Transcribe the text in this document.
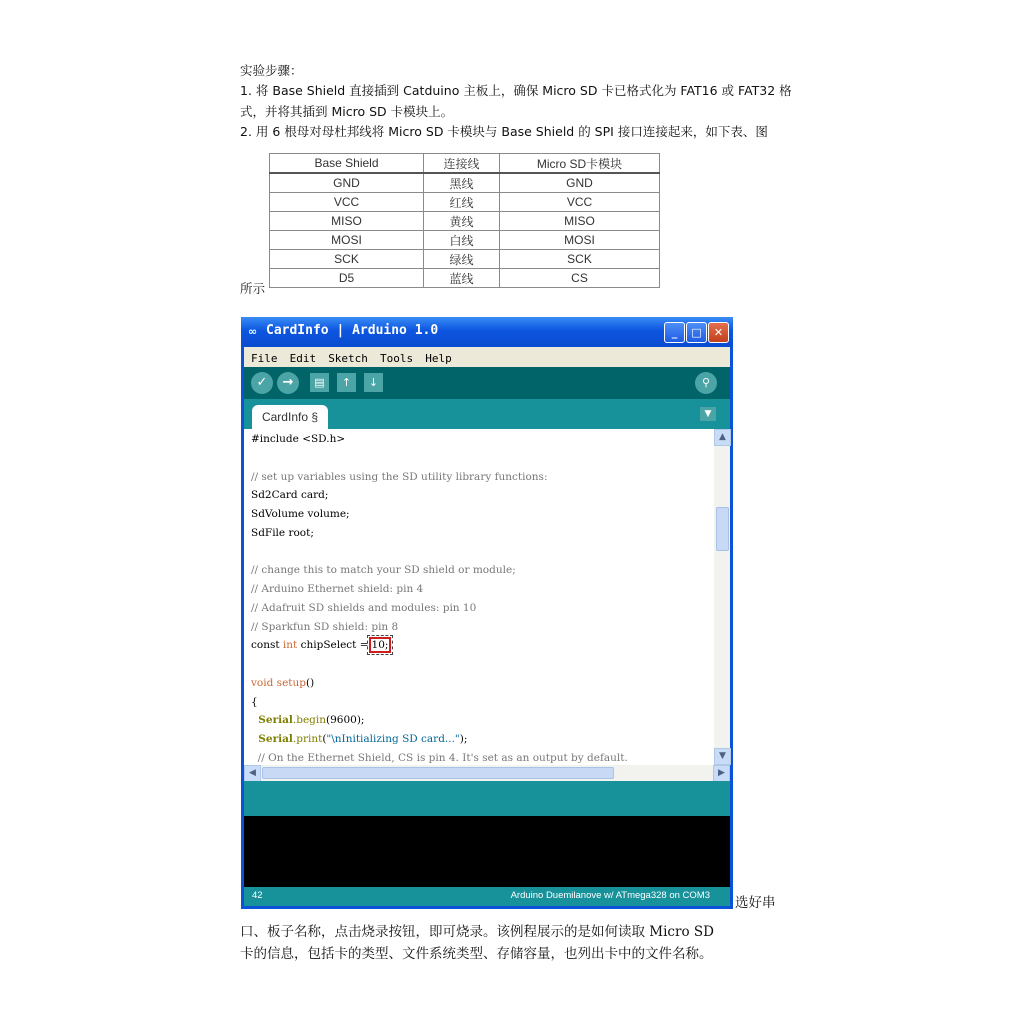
实验步骤：
1. 将 Base Shield 直接插到 Catduino 主板上，确保 Micro SD 卡已格式化为 FAT16 或 FAT32 格
式，并将其插到 Micro SD 卡模块上。
2. 用 6 根母对母杜邦线将 Micro SD 卡模块与 Base Shield 的 SPI 接口连接起来，如下表、图
Base Shield	连接线	Micro SD卡模块
GND	黑线	GND
VCC	红线	VCC
MISO	黄线	MISO
MOSI	白线	MOSI
SCK	绿线	SCK
D5	蓝线	CS
所示
∞ CardInfo | Arduino 1.0	_	□	✕
File Edit Sketch Tools Help
✓	→	▤	↑	↓	⚲
CardInfo §	▼
#include <SD.h>

// set up variables using the SD utility library functions:
Sd2Card card;
SdVolume volume;
SdFile root;

// change this to match your SD shield or module;
// Arduino Ethernet shield: pin 4
// Adafruit SD shields and modules: pin 10
// Sparkfun SD shield: pin 8
const int chipSelect = 10;

void setup()
{
Serial.begin(9600);
Serial.print("\nInitializing SD card...");
// On the Ethernet Shield, CS is pin 4. It's set as an output by default.
▲
▼
◀	▶
42	Arduino Duemilanove w/ ATmega328 on COM3 选好串
口、板子名称，点击烧录按钮，即可烧录。该例程展示的是如何读取 Micro SD
卡的信息，包括卡的类型、文件系统类型、存储容量，也列出卡中的文件名称。
